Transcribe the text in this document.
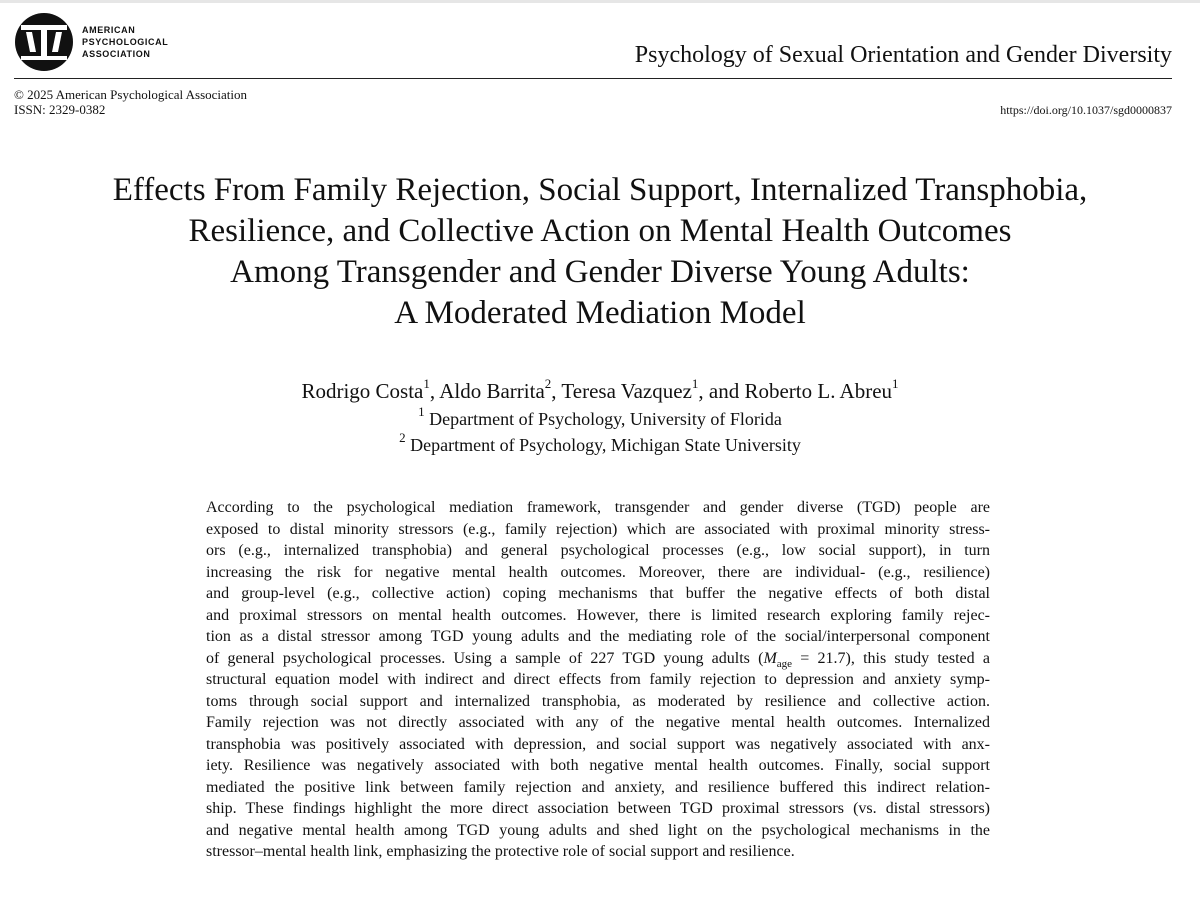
AMERICAN
PSYCHOLOGICAL
ASSOCIATION	Psychology of Sexual Orientation and Gender Diversity
© 2025 American Psychological Association
ISSN: 2329-0382	https://doi.org/10.1037/sgd0000837
Effects From Family Rejection, Social Support, Internalized Transphobia,
Resilience, and Collective Action on Mental Health Outcomes
Among Transgender and Gender Diverse Young Adults:
A Moderated Mediation Model
Rodrigo Costa$^1$, Aldo Barrita$^2$, Teresa Vazquez$^1$, and Roberto L. Abreu$^1$
$^1$ Department of Psychology, University of Florida
$^2$ Department of Psychology, Michigan State University
According to the psychological mediation framework, transgender and gender diverse (TGD) people are
exposed to distal minority stressors (e.g., family rejection) which are associated with proximal minority stress-
ors (e.g., internalized transphobia) and general psychological processes (e.g., low social support), in turn
increasing the risk for negative mental health outcomes. Moreover, there are individual- (e.g., resilience)
and group-level (e.g., collective action) coping mechanisms that buffer the negative effects of both distal
and proximal stressors on mental health outcomes. However, there is limited research exploring family rejec-
tion as a distal stressor among TGD young adults and the mediating role of the social/interpersonal component
of general psychological processes. Using a sample of 227 TGD young adults $(M_{age} = 21.7)$, this study tested a
structural equation model with indirect and direct effects from family rejection to depression and anxiety symp-
toms through social support and internalized transphobia, as moderated by resilience and collective action.
Family rejection was not directly associated with any of the negative mental health outcomes. Internalized
transphobia was positively associated with depression, and social support was negatively associated with anx-
iety. Resilience was negatively associated with both negative mental health outcomes. Finally, social support
mediated the positive link between family rejection and anxiety, and resilience buffered this indirect relation-
ship. These findings highlight the more direct association between TGD proximal stressors (vs. distal stressors)
and negative mental health among TGD young adults and shed light on the psychological mechanisms in the
stressor–mental health link, emphasizing the protective role of social support and resilience.
